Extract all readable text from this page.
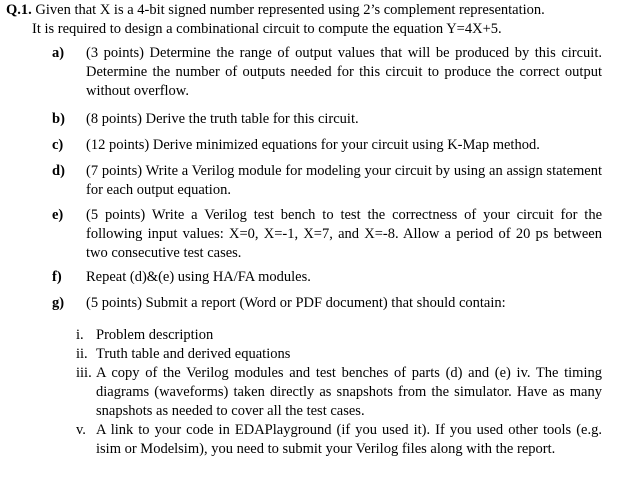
Q.1. Given that X is a 4-bit signed number represented using 2’s complement representation.
It is required to design a combinational circuit to compute the equation Y=4X+5.
a)	(3 points) Determine the range of output values that will be produced by this circuit. Determine the number of outputs needed for this circuit to produce the correct output without overflow.
b)	(8 points) Derive the truth table for this circuit.
c)	(12 points) Derive minimized equations for your circuit using K-Map method.
d)	(7 points) Write a Verilog module for modeling your circuit by using an assign statement for each output equation.
e)	(5 points) Write a Verilog test bench to test the correctness of your circuit for the following input values: X=0, X=-1, X=7, and X=-8. Allow a period of 20 ps between two consecutive test cases.
f)	Repeat (d)&(e) using HA/FA modules.
g)	(5 points) Submit a report (Word or PDF document) that should contain:
i. Problem description
ii. Truth table and derived equations
iii. A copy of the Verilog modules and test benches of parts (d) and (e) iv. The timing diagrams (waveforms) taken directly as snapshots from the simulator. Have as many snapshots as needed to cover all the test cases.
v. A link to your code in EDAPlayground (if you used it). If you used other tools (e.g. isim or Modelsim), you need to submit your Verilog files along with the report.
